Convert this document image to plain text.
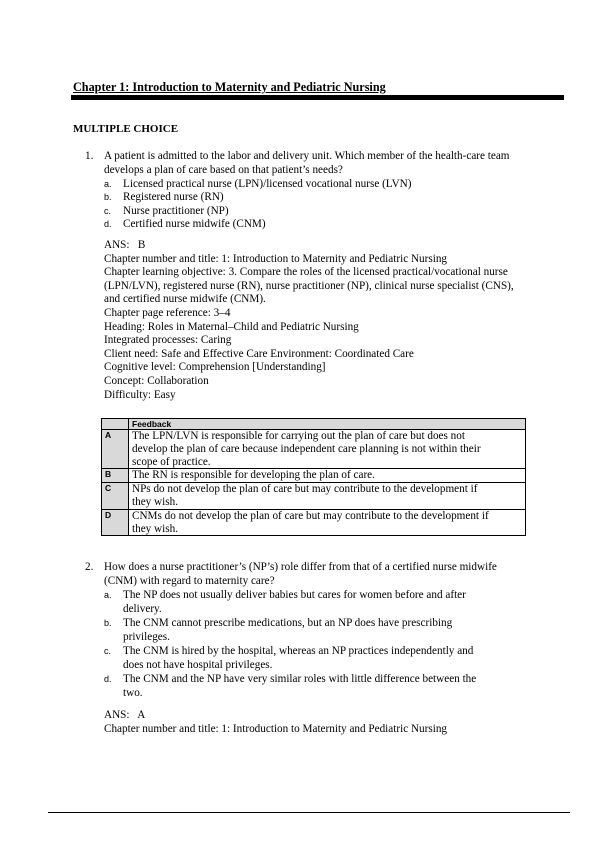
Chapter 1: Introduction to Maternity and Pediatric Nursing
MULTIPLE CHOICE
1. A patient is admitted to the labor and delivery unit. Which member of the health-care team
develops a plan of care based on that patient’s needs?
a. Licensed practical nurse (LPN)/licensed vocational nurse (LVN)
b. Registered nurse (RN)
c. Nurse practitioner (NP)
d. Certified nurse midwife (CNM)
ANS:   B
Chapter number and title: 1: Introduction to Maternity and Pediatric Nursing
Chapter learning objective: 3. Compare the roles of the licensed practical/vocational nurse
(LPN/LVN), registered nurse (RN), nurse practitioner (NP), clinical nurse specialist (CNS),
and certified nurse midwife (CNM).
Chapter page reference: 3–4
Heading: Roles in Maternal–Child and Pediatric Nursing
Integrated processes: Caring
Client need: Safe and Effective Care Environment: Coordinated Care
Cognitive level: Comprehension [Understanding]
Concept: Collaboration
Difficulty: Easy
	Feedback
A	The LPN/LVN is responsible for carrying out the plan of care but does not
develop the plan of care because independent care planning is not within their
scope of practice.

B	The RN is responsible for developing the plan of care.

C	NPs do not develop the plan of care but may contribute to the development if
they wish.

D	CNMs do not develop the plan of care but may contribute to the development if
they wish.
2. How does a nurse practitioner’s (NP’s) role differ from that of a certified nurse midwife
(CNM) with regard to maternity care?
a. The NP does not usually deliver babies but cares for women before and after
delivery.
b. The CNM cannot prescribe medications, but an NP does have prescribing
privileges.
c. The CNM is hired by the hospital, whereas an NP practices independently and
does not have hospital privileges.
d. The CNM and the NP have very similar roles with little difference between the
two.
ANS:   A
Chapter number and title: 1: Introduction to Maternity and Pediatric Nursing
